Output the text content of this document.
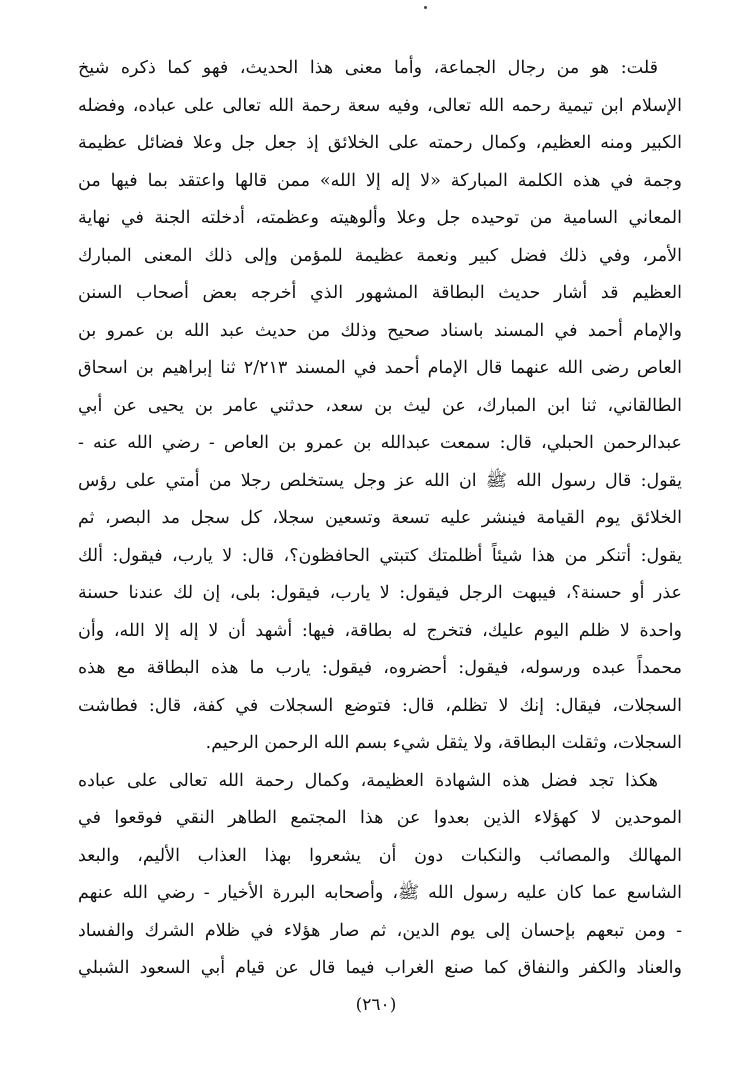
قلت: هو من رجال الجماعة، وأما معنى هذا الحديث، فهو كما ذكره شيخ
الإسلام ابن تيمية رحمه الله تعالى، وفيه سعة رحمة الله تعالى على عباده، وفضله
الكبير ومنه العظيم، وكمال رحمته على الخلائق إذ جعل جل وعلا فضائل عظيمة
وجمة في هذه الكلمة المباركة «لا إله إلا الله» ممن قالها واعتقد بما فيها من
المعاني السامية من توحيده جل وعلا وألوهيته وعظمته، أدخلته الجنة في نهاية
الأمر، وفي ذلك فضل كبير ونعمة عظيمة للمؤمن وإلى ذلك المعنى المبارك
العظيم قد أشار حديث البطاقة المشهور الذي أخرجه بعض أصحاب السنن
والإمام أحمد في المسند باسناد صحيح وذلك من حديث عبد الله بن عمرو بن
العاص رضى الله عنهما قال الإمام أحمد في المسند ٢/٢١٣ ثنا إبراهيم بن اسحاق
الطالقاني، ثنا ابن المبارك، عن ليث بن سعد، حدثني عامر بن يحيى عن أبي
عبدالرحمن الحبلي، قال: سمعت عبدالله بن عمرو بن العاص - رضي الله عنه -
يقول: قال رسول الله ﷺ ان الله عز وجل يستخلص رجلا من أمتي على رؤس
الخلائق يوم القيامة فينشر عليه تسعة وتسعين سجلا، كل سجل مد البصر، ثم
يقول: أتنكر من هذا شيئاً أظلمتك كتبتي الحافظون؟، قال: لا يارب، فيقول: ألك
عذر أو حسنة؟، فيبهت الرجل فيقول: لا يارب، فيقول: بلى، إن لك عندنا حسنة
واحدة لا ظلم اليوم عليك، فتخرج له بطاقة، فيها: أشهد أن لا إله إلا الله، وأن
محمداً عبده ورسوله، فيقول: أحضروه، فيقول: يارب ما هذه البطاقة مع هذه
السجلات، فيقال: إنك لا تظلم، قال: فتوضع السجلات في كفة، قال: فطاشت
السجلات، وثقلت البطاقة، ولا يثقل شيء بسم الله الرحمن الرحيم.
هكذا تجد فضل هذه الشهادة العظيمة، وكمال رحمة الله تعالى على عباده
الموحدين لا كهؤلاء الذين بعدوا عن هذا المجتمع الطاهر النقي فوقعوا في
المهالك والمصائب والنكبات دون أن يشعروا بهذا العذاب الأليم، والبعد
الشاسع عما كان عليه رسول الله ﷺ، وأصحابه البررة الأخيار - رضي الله عنهم
- ومن تبعهم بإحسان إلى يوم الدين، ثم صار هؤلاء في ظلام الشرك والفساد
والعناد والكفر والنفاق كما صنع الغراب فيما قال عن قيام أبي السعود الشبلي
(٢٦٠)
